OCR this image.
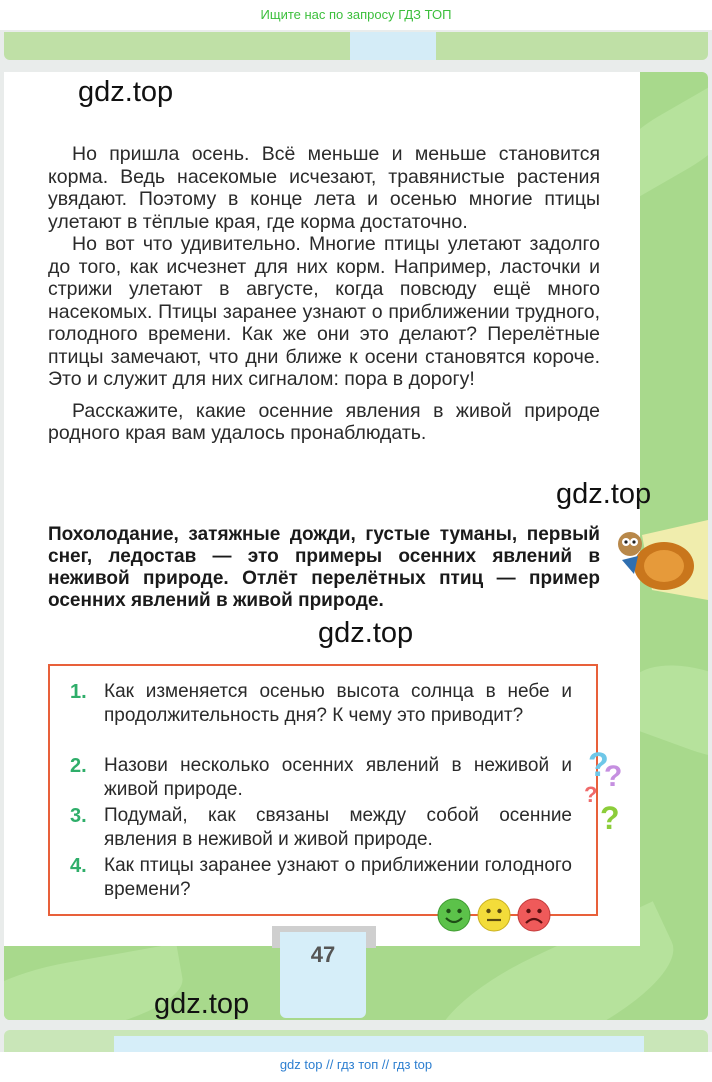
Ищите нас по запросу ГДЗ ТОП
gdz.top

Но пришла осень. Всё меньше и меньше становится корма. Ведь насекомые исчезают, травянистые растения увядают. Поэтому в конце лета и осенью многие птицы улетают в тёплые края, где корма достаточно.

Но вот что удивительно. Многие птицы улетают задолго до того, как исчезнет для них корм. Например, ласточки и стрижи улетают в августе, когда повсюду ещё много насекомых. Птицы заранее узнают о приближении трудного, голодного времени. Как же они это делают? Перелётные птицы замечают, что дни ближе к осени становятся короче. Это и служит для них сигналом: пора в дорогу!

Расскажите, какие осенние явления в живой природе родного края вам удалось пронаблюдать.

gdz.top
Похолодание, затяжные дожди, густые туманы, первый снег, ледостав — это примеры осенних явлений в неживой природе. Отлёт перелётных птиц — пример осенних явлений в живой природе.
gdz.top
1. Как изменяется осенью высота солнца в небе и продолжительность дня? К чему это приводит?
2. Назови несколько осенних явлений в неживой и живой природе.
3. Подумай, как связаны между собой осенние явления в неживой и живой природе.
4. Как птицы заранее узнают о приближении голодного времени?
?
?
?
?
47
gdz.top
gdz top // гдз топ // гдз top
